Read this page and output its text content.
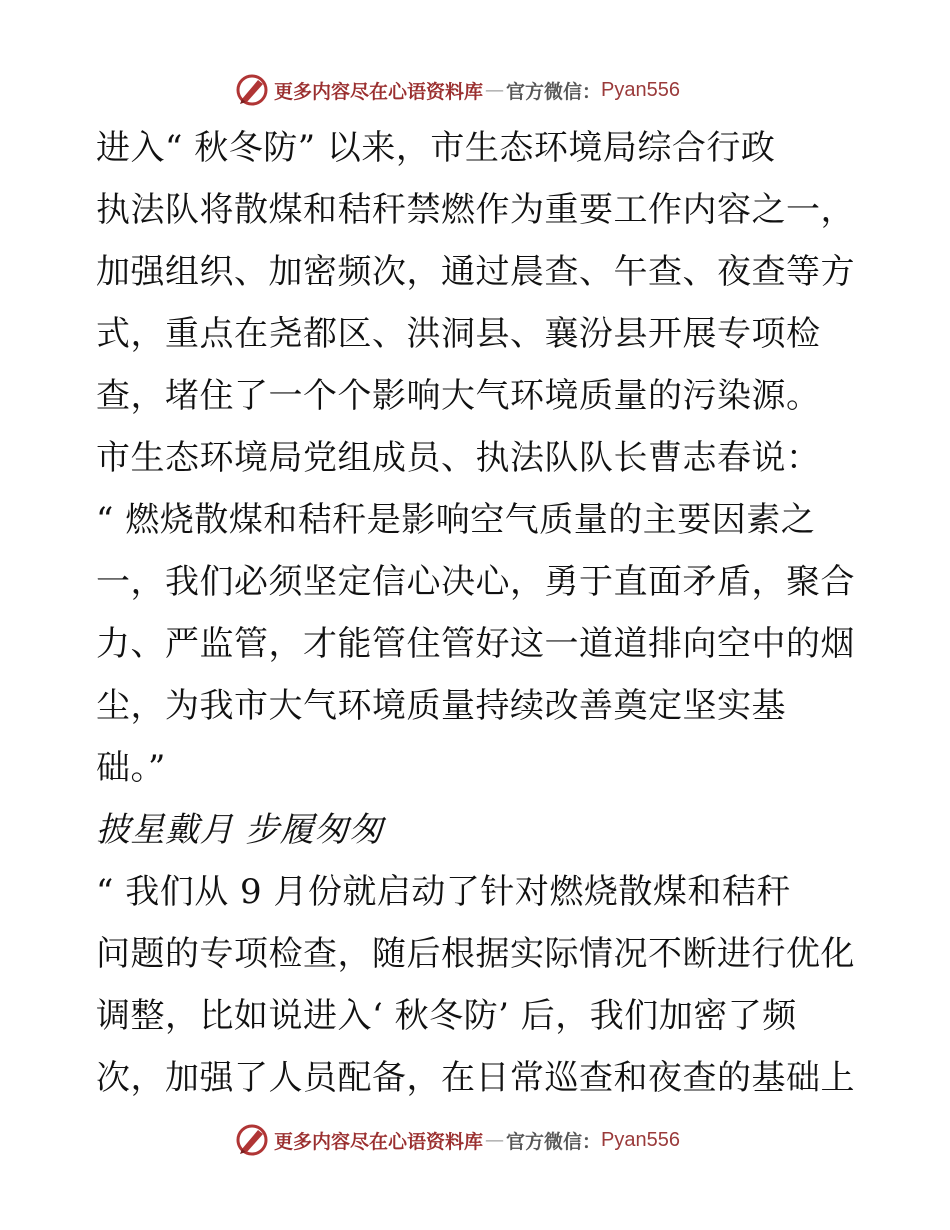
更多内容尽在心语资料库 — 官方微信： Pyan556
进入“ 秋冬防” 以来，市生态环境局综合行政
执法队将散煤和秸秆禁燃作为重要工作内容之一，
加强组织、加密频次，通过晨查、午查、夜查等方
式，重点在尧都区、洪洞县、襄汾县开展专项检
查，堵住了一个个影响大气环境质量的污染源。
市生态环境局党组成员、执法队队长曹志春说：
“ 燃烧散煤和秸秆是影响空气质量的主要因素之
一，我们必须坚定信心决心，勇于直面矛盾，聚合
力、严监管，才能管住管好这一道道排向空中的烟
尘，为我市大气环境质量持续改善奠定坚实基
础。”
披星戴月 步履匆匆
“ 我们从 9 月份就启动了针对燃烧散煤和秸秆
问题的专项检查，随后根据实际情况不断进行优化
调整，比如说进入‘ 秋冬防’ 后，我们加密了频
次，加强了人员配备，在日常巡查和夜查的基础上
更多内容尽在心语资料库 — 官方微信： Pyan556
